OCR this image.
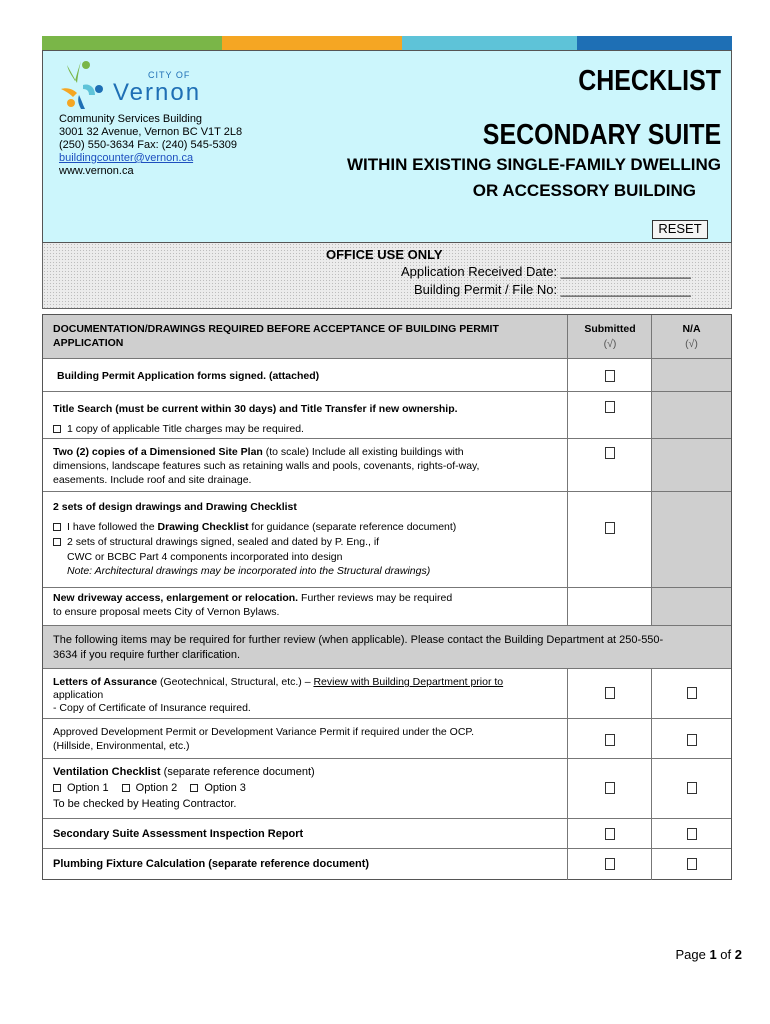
CITY OF
Vernon
Community Services Building
3001 32 Avenue, Vernon BC V1T 2L8
(250) 550-3634 Fax: (240) 545-5309
buildingcounter@vernon.ca
www.vernon.ca
CHECKLIST
SECONDARY SUITE
WITHIN EXISTING SINGLE-FAMILY DWELLING
OR ACCESSORY BUILDING
RESET
OFFICE USE ONLY
Application Received Date: __________________
Building Permit / File No: __________________
DOCUMENTATION/DRAWINGS REQUIRED BEFORE ACCEPTANCE OF BUILDING PERMIT
APPLICATION
Submitted
(√)
N/A
(√)
Building Permit Application forms signed. (attached)
Title Search (must be current within 30 days) and Title Transfer if new ownership.
1 copy of applicable Title charges may be required.
Two (2) copies of a Dimensioned Site Plan (to scale) Include all existing buildings with
dimensions, landscape features such as retaining walls and pools, covenants, rights-of-way,
easements. Include roof and site drainage.
2 sets of design drawings and Drawing Checklist
I have followed the Drawing Checklist for guidance (separate reference document)
2 sets of structural drawings signed, sealed and dated by P. Eng., if
CWC or BCBC Part 4 components incorporated into design
Note: Architectural drawings may be incorporated into the Structural drawings)
New driveway access, enlargement or relocation. Further reviews may be required
to ensure proposal meets City of Vernon Bylaws.
The following items may be required for further review (when applicable). Please contact the Building Department at 250-550-
3634 if you require further clarification.
Letters of Assurance (Geotechnical, Structural, etc.) – Review with Building Department prior to
application
- Copy of Certificate of Insurance required.
Approved Development Permit or Development Variance Permit if required under the OCP.
(Hillside, Environmental, etc.)
Ventilation Checklist (separate reference document)
Option 1 Option 2 Option 3
To be checked by Heating Contractor.
Secondary Suite Assessment Inspection Report
Plumbing Fixture Calculation (separate reference document)
Page 1 of 2
